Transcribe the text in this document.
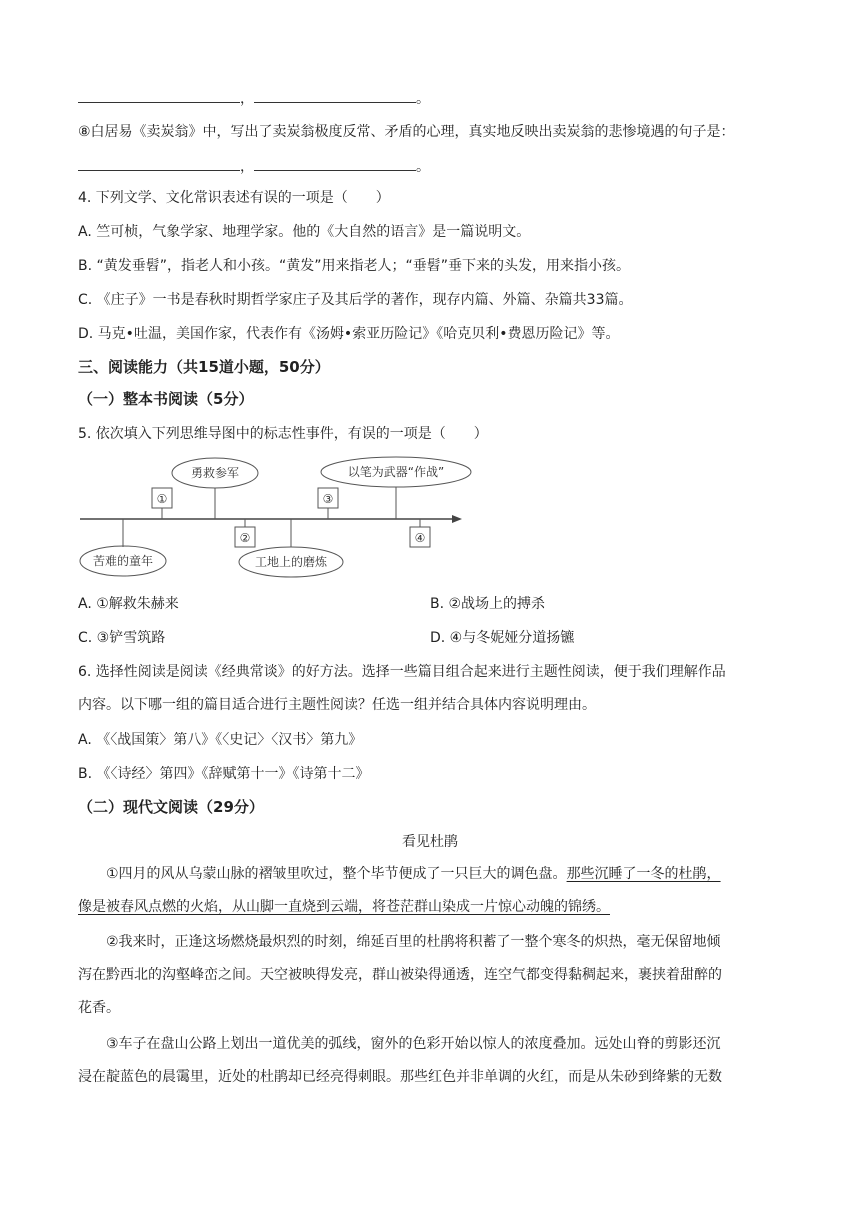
，	。
⑧白居易《卖炭翁》中，写出了卖炭翁极度反常、矛盾的心理，真实地反映出卖炭翁的悲惨境遇的句子是：
，	。
4. 下列文学、文化常识表述有误的一项是（　　）
A. 竺可桢，气象学家、地理学家。他的《大自然的语言》是一篇说明文。
B. “黄发垂髫”，指老人和小孩。“黄发”用来指老人；“垂髫”垂下来的头发，用来指小孩。
C. 《庄子》一书是春秋时期哲学家庄子及其后学的著作，现存内篇、外篇、杂篇共33篇。
D. 马克•吐温，美国作家，代表作有《汤姆•索亚历险记》《哈克贝利•费恩历险记》等。
三、阅读能力（共15道小题，50分）
（一）整本书阅读（5分）
5. 依次填入下列思维导图中的标志性事件，有误的一项是（　　）
勇救参军	以笔为武器“作战”
①	③
苦难的童年
②
工地上的磨炼
④
A. ①解救朱赫来	B. ②战场上的搏杀
C. ③铲雪筑路	D. ④与冬妮娅分道扬镳
6. 选择性阅读是阅读《经典常谈》的好方法。选择一些篇目组合起来进行主题性阅读，便于我们理解作品
内容。以下哪一组的篇目适合进行主题性阅读？任选一组并结合具体内容说明理由。
A. 《〈战国策〉第八》《〈史记〉〈汉书〉第九》
B. 《〈诗经〉第四》《辞赋第十一》《诗第十二》
（二）现代文阅读（29分）
看见杜鹃
①四月的风从乌蒙山脉的褶皱里吹过，整个毕节便成了一只巨大的调色盘。那些沉睡了一冬的杜鹃，
像是被春风点燃的火焰，从山脚一直烧到云端，将苍茫群山染成一片惊心动魄的锦绣。
②我来时，正逢这场燃烧最炽烈的时刻，绵延百里的杜鹃将积蓄了一整个寒冬的炽热，毫无保留地倾
泻在黔西北的沟壑峰峦之间。天空被映得发亮，群山被染得通透，连空气都变得黏稠起来，裹挟着甜醉的
花香。
③车子在盘山公路上划出一道优美的弧线，窗外的色彩开始以惊人的浓度叠加。远处山脊的剪影还沉
浸在靛蓝色的晨霭里，近处的杜鹃却已经亮得刺眼。那些红色并非单调的火红，而是从朱砂到绛紫的无数
